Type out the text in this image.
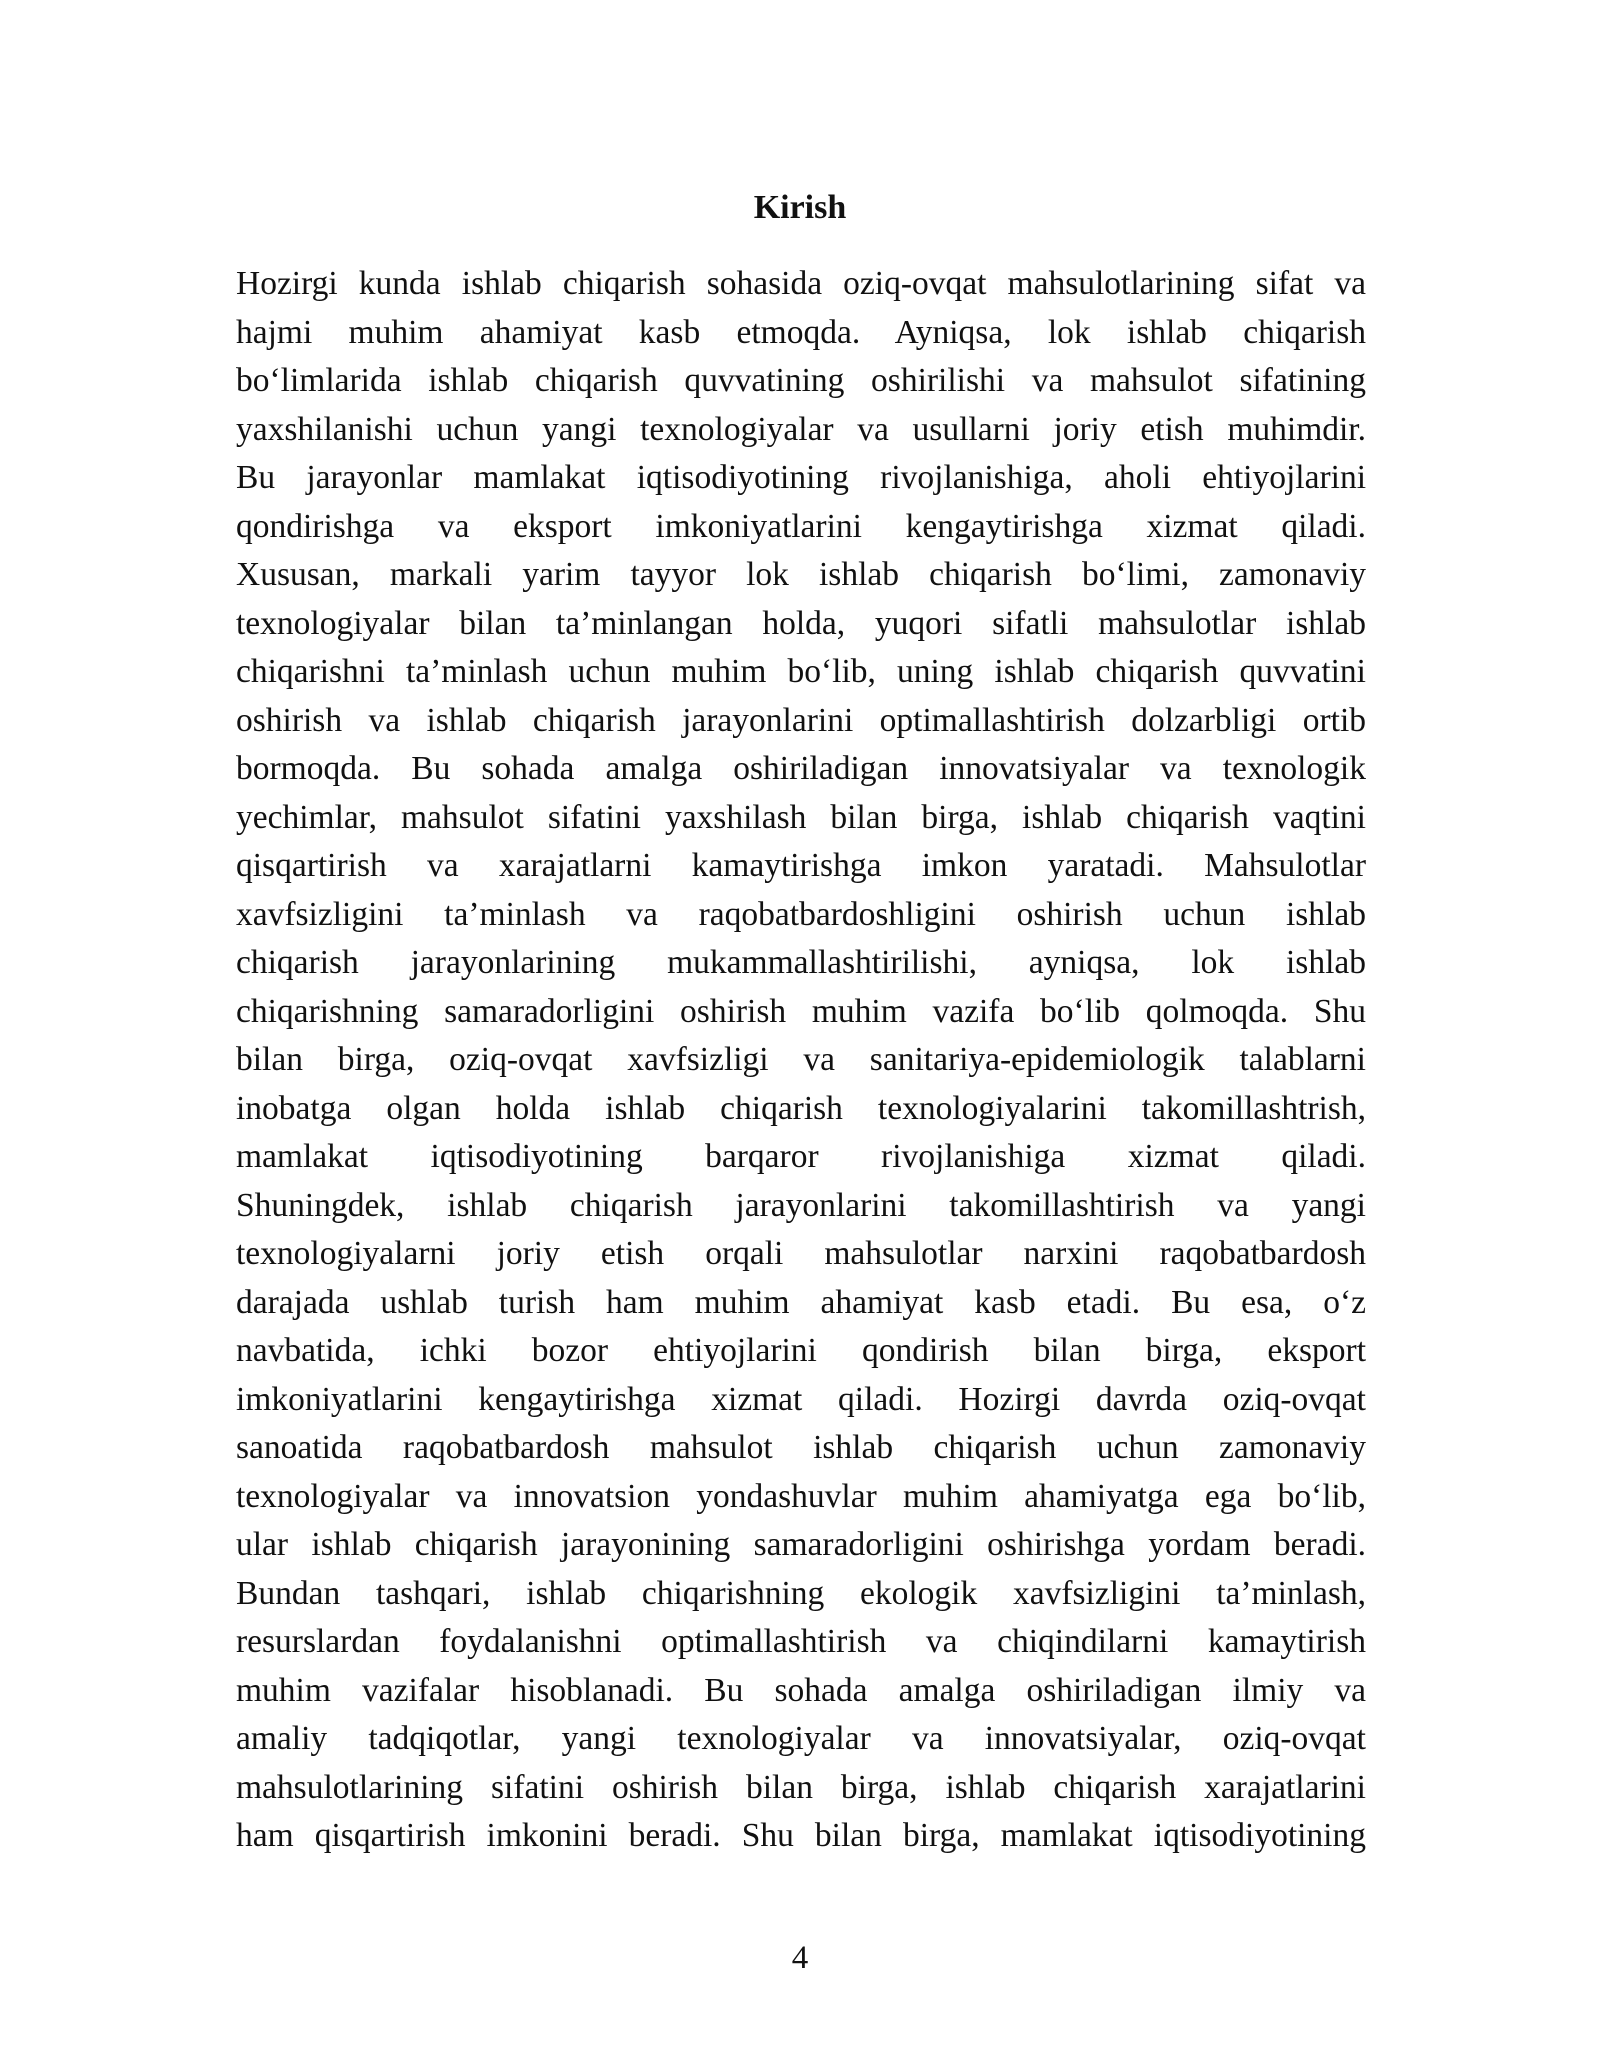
Kirish
Hozirgi kunda ishlab chiqarish sohasida oziq-ovqat mahsulotlarining sifat va
hajmi muhim ahamiyat kasb etmoqda. Ayniqsa, lok ishlab chiqarish
bo‘limlarida ishlab chiqarish quvvatining oshirilishi va mahsulot sifatining
yaxshilanishi uchun yangi texnologiyalar va usullarni joriy etish muhimdir.
Bu jarayonlar mamlakat iqtisodiyotining rivojlanishiga, aholi ehtiyojlarini
qondirishga va eksport imkoniyatlarini kengaytirishga xizmat qiladi.
Xususan, markali yarim tayyor lok ishlab chiqarish bo‘limi, zamonaviy
texnologiyalar bilan ta’minlangan holda, yuqori sifatli mahsulotlar ishlab
chiqarishni ta’minlash uchun muhim bo‘lib, uning ishlab chiqarish quvvatini
oshirish va ishlab chiqarish jarayonlarini optimallashtirish dolzarbligi ortib
bormoqda. Bu sohada amalga oshiriladigan innovatsiyalar va texnologik
yechimlar, mahsulot sifatini yaxshilash bilan birga, ishlab chiqarish vaqtini
qisqartirish va xarajatlarni kamaytirishga imkon yaratadi. Mahsulotlar
xavfsizligini ta’minlash va raqobatbardoshligini oshirish uchun ishlab
chiqarish jarayonlarining mukammallashtirilishi, ayniqsa, lok ishlab
chiqarishning samaradorligini oshirish muhim vazifa bo‘lib qolmoqda. Shu
bilan birga, oziq-ovqat xavfsizligi va sanitariya-epidemiologik talablarni
inobatga olgan holda ishlab chiqarish texnologiyalarini takomillashtrish,
mamlakat iqtisodiyotining barqaror rivojlanishiga xizmat qiladi.
Shuningdek, ishlab chiqarish jarayonlarini takomillashtirish va yangi
texnologiyalarni joriy etish orqali mahsulotlar narxini raqobatbardosh
darajada ushlab turish ham muhim ahamiyat kasb etadi. Bu esa, o‘z
navbatida, ichki bozor ehtiyojlarini qondirish bilan birga, eksport
imkoniyatlarini kengaytirishga xizmat qiladi. Hozirgi davrda oziq-ovqat
sanoatida raqobatbardosh mahsulot ishlab chiqarish uchun zamonaviy
texnologiyalar va innovatsion yondashuvlar muhim ahamiyatga ega bo‘lib,
ular ishlab chiqarish jarayonining samaradorligini oshirishga yordam beradi.
Bundan tashqari, ishlab chiqarishning ekologik xavfsizligini ta’minlash,
resurslardan foydalanishni optimallashtirish va chiqindilarni kamaytirish
muhim vazifalar hisoblanadi. Bu sohada amalga oshiriladigan ilmiy va
amaliy tadqiqotlar, yangi texnologiyalar va innovatsiyalar, oziq-ovqat
mahsulotlarining sifatini oshirish bilan birga, ishlab chiqarish xarajatlarini
ham qisqartirish imkonini beradi. Shu bilan birga, mamlakat iqtisodiyotining
4
